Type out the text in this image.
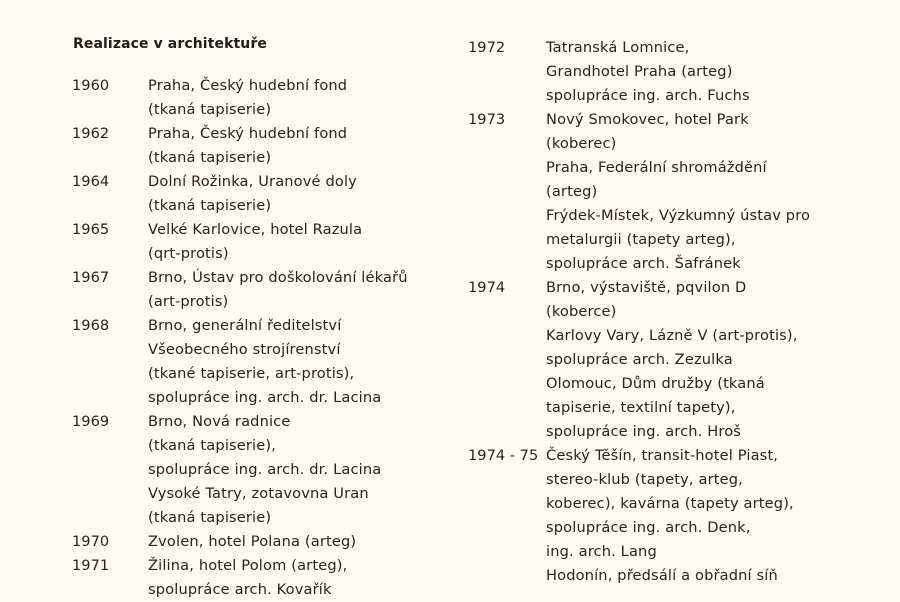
Realizace v architektuře
1960	Praha, Český hudební fond
(tkaná tapiserie)
1962	Praha, Český hudební fond
(tkaná tapiserie)
1964	Dolní Rožinka, Uranové doly
(tkaná tapiserie)
1965	Velké Karlovice, hotel Razula
(qrt-protis)
1967	Brno, Ústav pro doškolování lékařů
(art-protis)
1968	Brno, generální ředitelství
Všeobecného strojírenství
(tkané tapiserie, art-protis),
spolupráce ing. arch. dr. Lacina
1969	Brno, Nová radnice
(tkaná tapiserie),
spolupráce ing. arch. dr. Lacina
Vysoké Tatry, zotavovna Uran
(tkaná tapiserie)
1970	Zvolen, hotel Polana (arteg)
1971	Žilina, hotel Polom (arteg),
spolupráce arch. Kovařík
1972	Tatranská Lomnice,
Grandhotel Praha (arteg)
spolupráce ing. arch. Fuchs
1973	Nový Smokovec, hotel Park
(koberec)
Praha, Federální shromáždění
(arteg)
Frýdek-Místek, Výzkumný ústav pro
metalurgii (tapety arteg),
spolupráce arch. Šafránek
1974	Brno, výstaviště, pqvilon D
(koberce)
Karlovy Vary, Lázně V (art-protis),
spolupráce arch. Zezulka
Olomouc, Dům družby (tkaná
tapiserie, textilní tapety),
spolupráce ing. arch. Hroš
1974 - 75 Český Těšín, transit-hotel Piast,
stereo-klub (tapety, arteg,
koberec), kavárna (tapety arteg),
spolupráce ing. arch. Denk,
ing. arch. Lang
Hodonín, předsálí a obřadní síň
